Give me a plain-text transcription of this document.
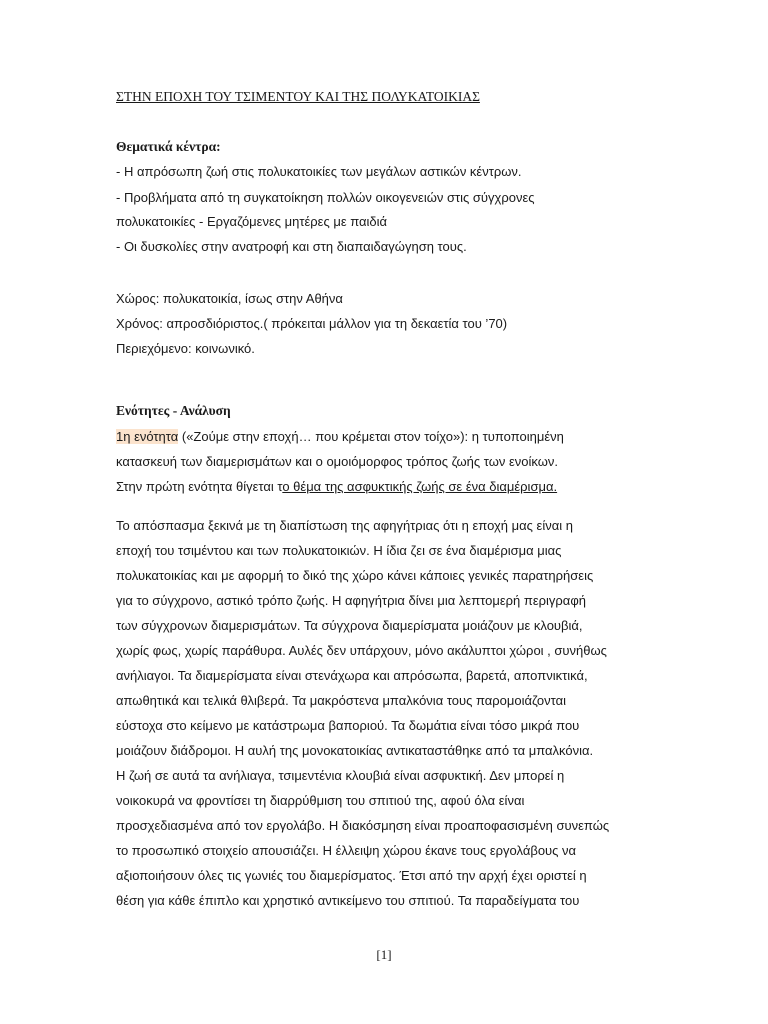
ΣΤΗΝ ΕΠΟΧΗ ΤΟΥ ΤΣΙΜΕΝΤΟΥ ΚΑΙ ΤΗΣ ΠΟΛΥΚΑΤΟΙΚΙΑΣ
Θεματικά κέντρα:
- Η απρόσωπη ζωή στις πολυκατοικίες των μεγάλων αστικών κέντρων.
- Προβλήματα από τη συγκατοίκηση πολλών οικογενειών στις σύγχρονες
πολυκατοικίες - Εργαζόμενες μητέρες με παιδιά
- Οι δυσκολίες στην ανατροφή και στη διαπαιδαγώγηση τους.
Χώρος: πολυκατοικία, ίσως στην Αθήνα
Χρόνος: απροσδιόριστος.( πρόκειται μάλλον για τη δεκαετία του ’70)
Περιεχόμενο: κοινωνικό.
Ενότητες - Ανάλυση
1η ενότητα («Ζούμε στην εποχή… που κρέμεται στον τοίχο»): η τυποποιημένη
κατασκευή των διαμερισμάτων και ο ομοιόμορφος τρόπος ζωής των ενοίκων.
Στην πρώτη ενότητα θίγεται το θέμα της ασφυκτικής ζωής σε ένα διαμέρισμα.
Το απόσπασμα ξεκινά με τη διαπίστωση της αφηγήτριας ότι η εποχή μας είναι η
εποχή του τσιμέντου και των πολυκατοικιών. Η ίδια ζει σε ένα διαμέρισμα μιας
πολυκατοικίας και με αφορμή το δικό της χώρο κάνει κάποιες γενικές παρατηρήσεις
για το σύγχρονο, αστικό τρόπο ζωής. Η αφηγήτρια δίνει μια λεπτομερή περιγραφή
των σύγχρονων διαμερισμάτων. Τα σύγχρονα διαμερίσματα μοιάζουν με κλουβιά,
χωρίς φως, χωρίς παράθυρα. Αυλές δεν υπάρχουν, μόνο ακάλυπτοι χώροι , συνήθως
ανήλιαγοι. Τα διαμερίσματα είναι στενάχωρα και απρόσωπα, βαρετά, αποπνικτικά,
απωθητικά και τελικά θλιβερά. Τα μακρόστενα μπαλκόνια τους παρομοιάζονται
εύστοχα στο κείμενο με κατάστρωμα βαποριού. Τα δωμάτια είναι τόσο μικρά που
μοιάζουν διάδρομοι. Η αυλή της μονοκατοικίας αντικαταστάθηκε από τα μπαλκόνια.
Η ζωή σε αυτά τα ανήλιαγα, τσιμεντένια κλουβιά είναι ασφυκτική. Δεν μπορεί η
νοικοκυρά να φροντίσει τη διαρρύθμιση του σπιτιού της, αφού όλα είναι
προσχεδιασμένα από τον εργολάβο. Η διακόσμηση είναι προαποφασισμένη συνεπώς
το προσωπικό στοιχείο απουσιάζει. Η έλλειψη χώρου έκανε τους εργολάβους να
αξιοποιήσουν όλες τις γωνιές του διαμερίσματος. Έτσι από την αρχή έχει οριστεί η
θέση για κάθε έπιπλο και χρηστικό αντικείμενο του σπιτιού. Τα παραδείγματα του
[1]
